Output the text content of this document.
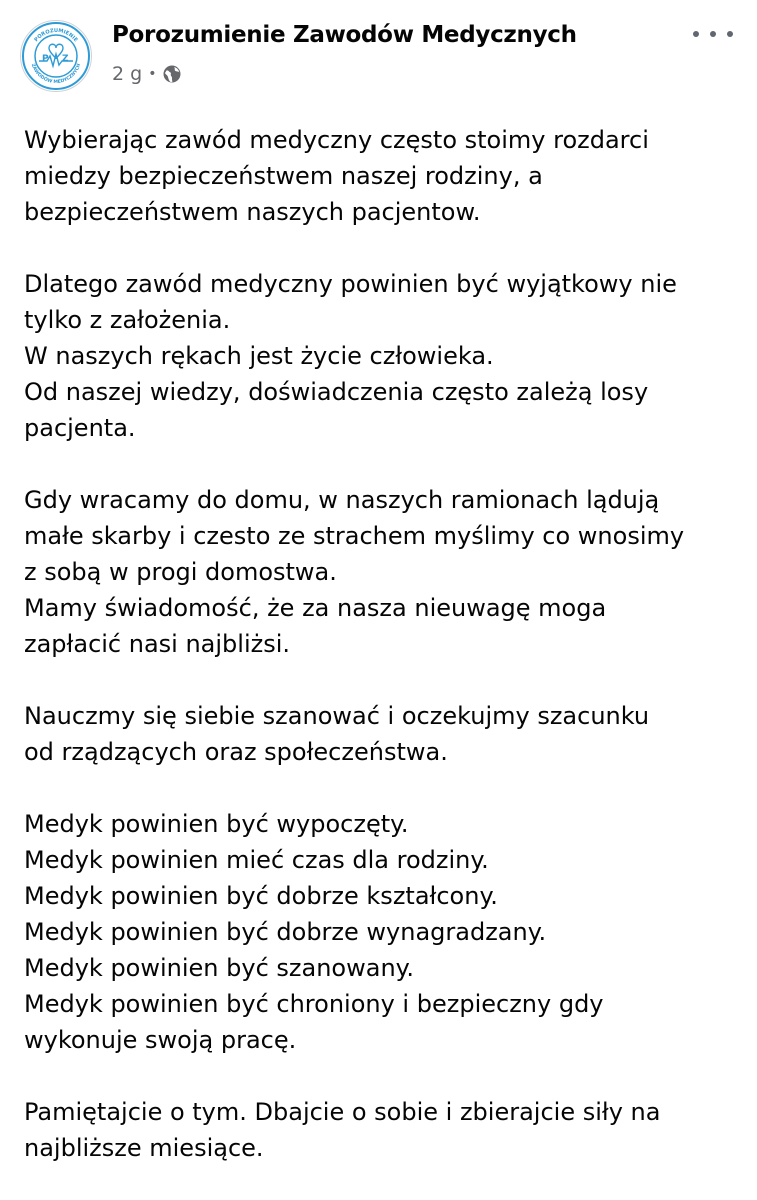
POROZUMIENIE
ZAWODÓW MEDYCZNYCH
P Z
Porozumienie Zawodów Medycznych
2 g •
Wybierając zawód medyczny często stoimy rozdarci
miedzy bezpieczeństwem naszej rodziny, a
bezpieczeństwem naszych pacjentow.
Dlatego zawód medyczny powinien być wyjątkowy nie
tylko z założenia.
W naszych rękach jest życie człowieka.
Od naszej wiedzy, doświadczenia często zależą losy
pacjenta.
Gdy wracamy do domu, w naszych ramionach lądują
małe skarby i czesto ze strachem myślimy co wnosimy
z sobą w progi domostwa.
Mamy świadomość, że za nasza nieuwagę moga
zapłacić nasi najbliżsi.
Nauczmy się siebie szanować i oczekujmy szacunku
od rządzących oraz społeczeństwa.
Medyk powinien być wypoczęty.
Medyk powinien mieć czas dla rodziny.
Medyk powinien być dobrze kształcony.
Medyk powinien być dobrze wynagradzany.
Medyk powinien być szanowany.
Medyk powinien być chroniony i bezpieczny gdy
wykonuje swoją pracę.
Pamiętajcie o tym. Dbajcie o sobie i zbierajcie siły na
najbliższe miesiące.
